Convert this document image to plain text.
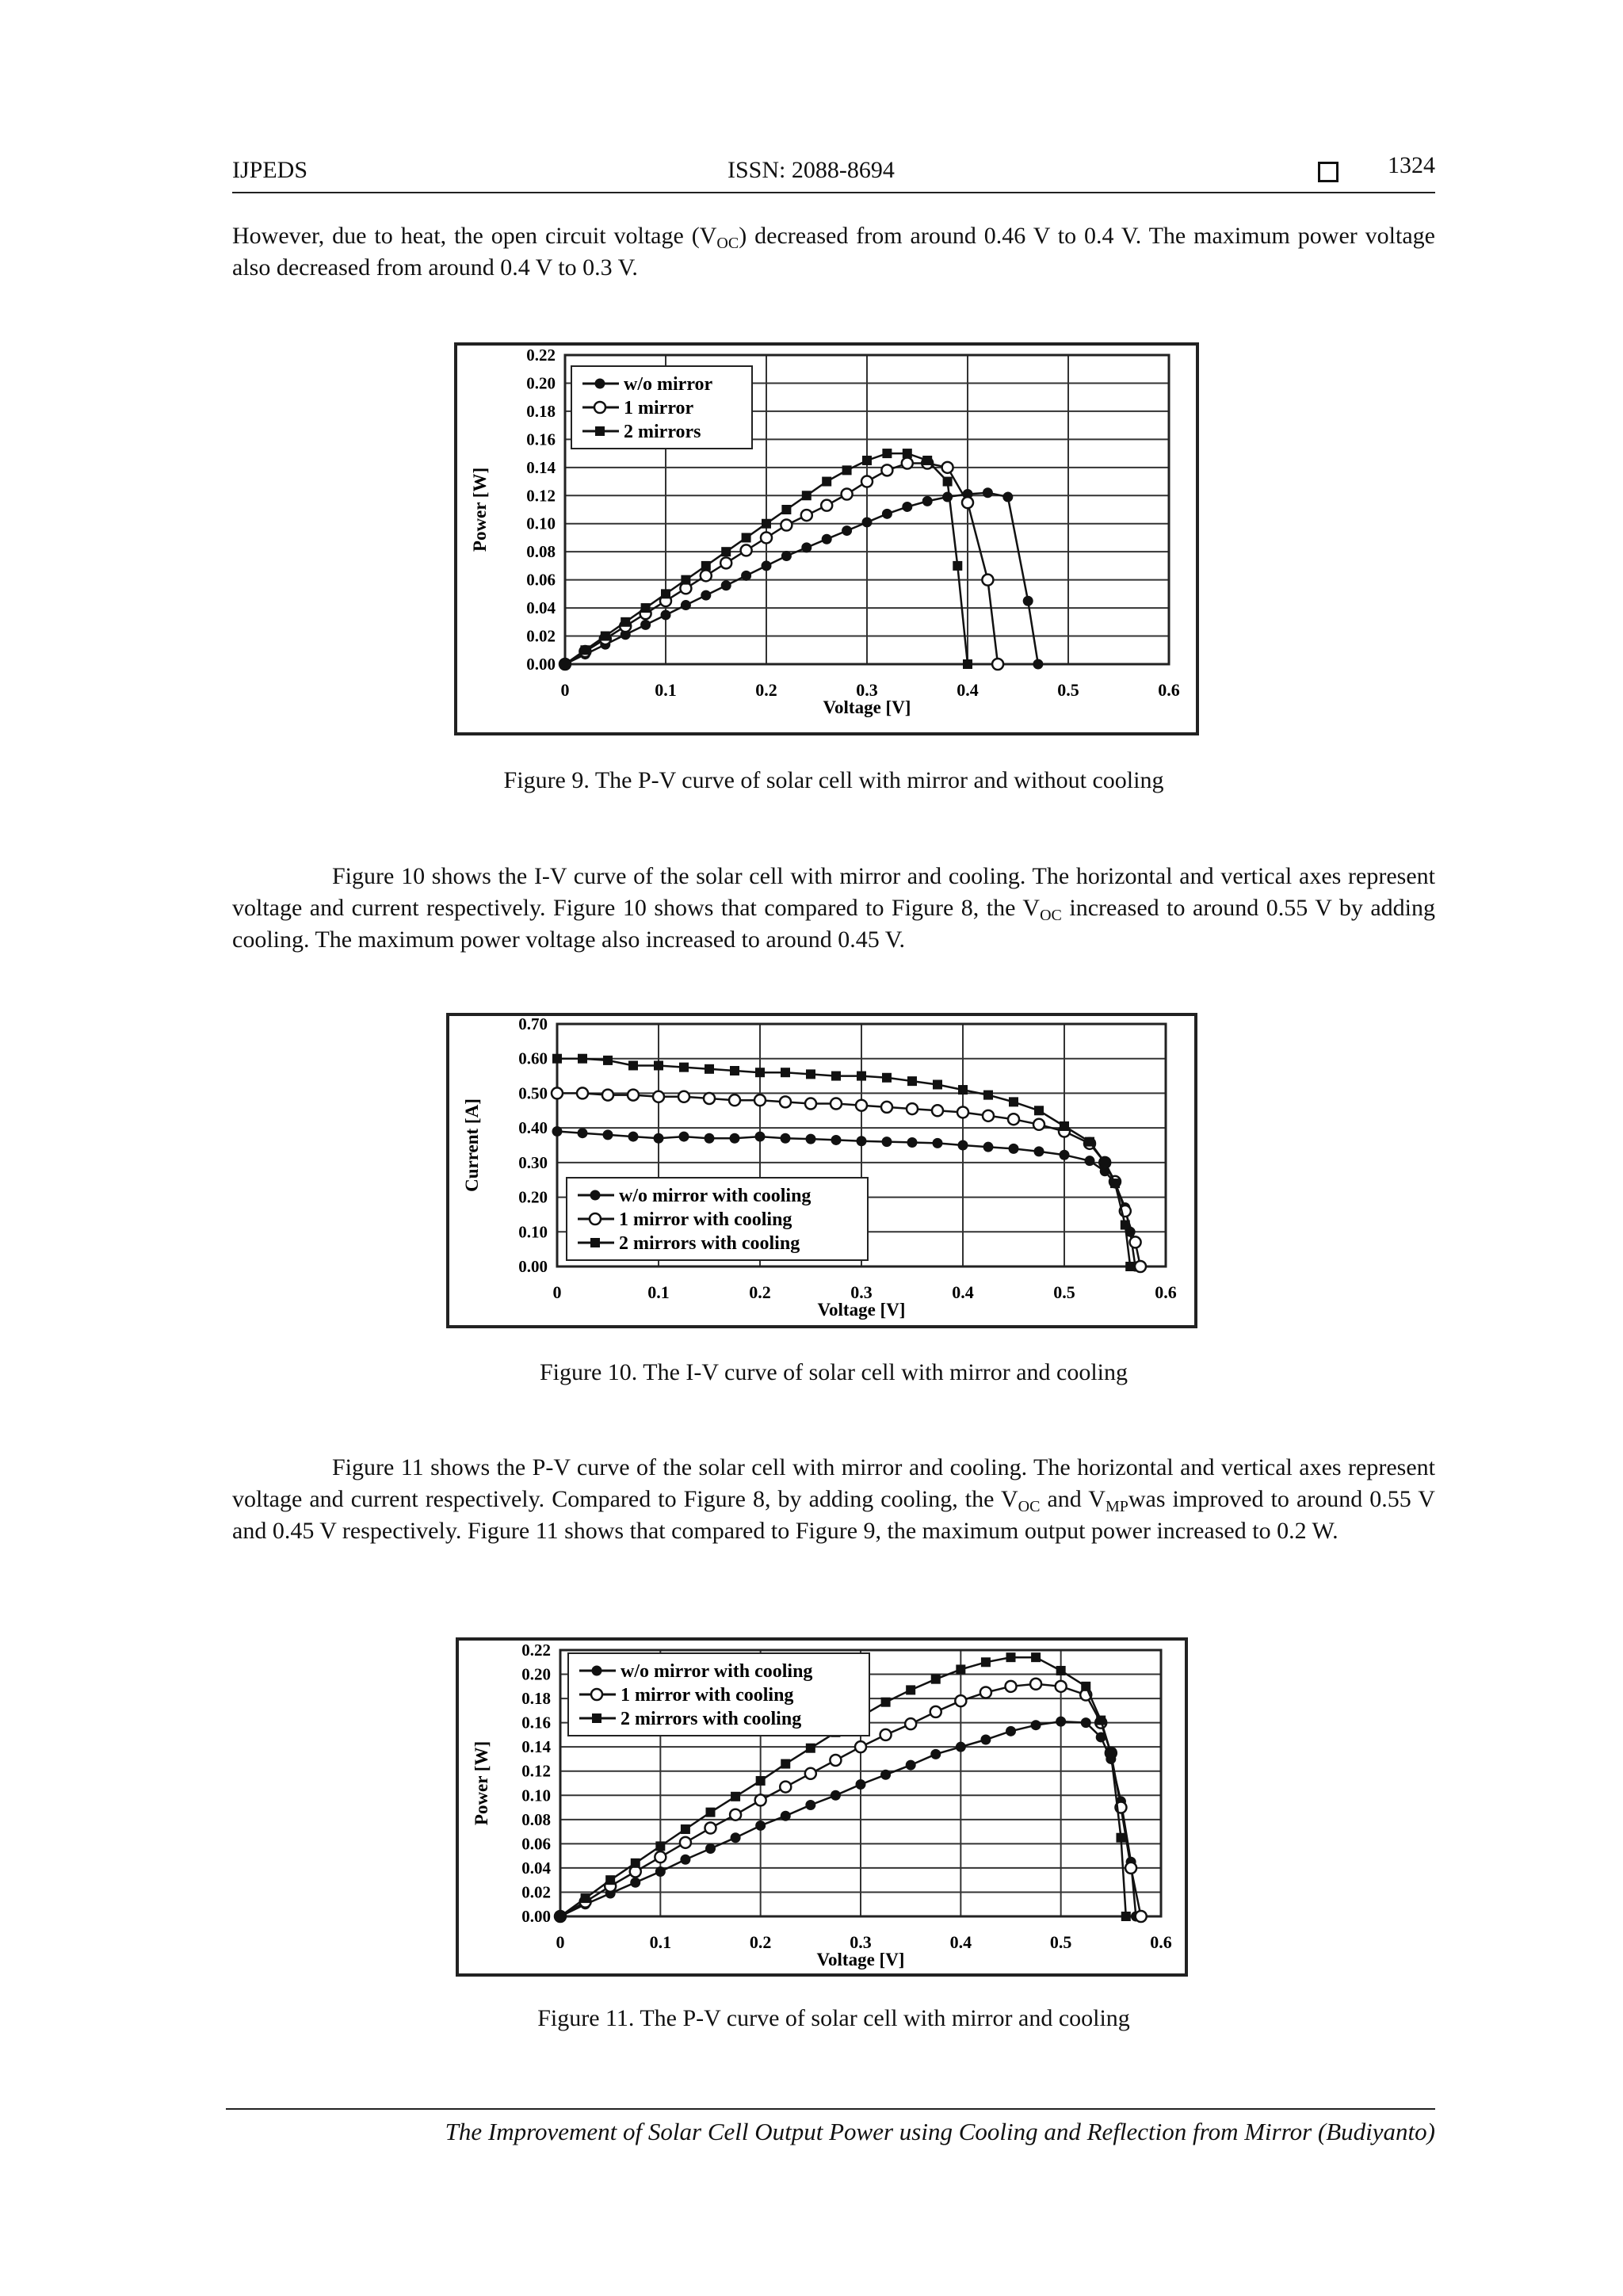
IJPEDS	ISSN: 2088-8694	1324

However, due to heat, the open circuit voltage $(V_{OC})$ decreased from around 0.46 V to 0.4 V. The maximum power voltage also decreased from around 0.4 V to 0.3 V.

0	0.1	0.2	0.3	0.4	0.5	0.6
0.00
0.02
0.04
0.06
0.08
0.10
0.12
0.14
0.16
0.18
0.20
0.22
Voltage [V]
Power [W]
w/o mirror
1 mirror
2 mirrors
Figure 9. The P-V curve of solar cell with mirror and without cooling

Figure 10 shows the I-V curve of the solar cell with mirror and cooling. The horizontal and vertical axes represent voltage and current respectively. Figure 10 shows that compared to Figure 8, the $V_{OC}$ increased to around 0.55 V by adding cooling. The maximum power voltage also increased to around 0.45 V.

0	0.1	0.2	0.3	0.4	0.5	0.6
0.00
0.10
0.20
0.30
0.40
0.50
0.60
0.70
Voltage [V]
Current [A]
w/o mirror with cooling
1 mirror with cooling
2 mirrors with cooling
Figure 10. The I-V curve of solar cell with mirror and cooling

Figure 11 shows the P-V curve of the solar cell with mirror and cooling. The horizontal and vertical axes represent voltage and current respectively. Compared to Figure 8, by adding cooling, the $V_{OC}$ and $V_{MP}was$ improved to around 0.55 V and 0.45 V respectively. Figure 11 shows that compared to Figure 9, the maximum output power increased to 0.2 W.

0	0.1	0.2	0.3	0.4	0.5	0.6
0.00
0.02
0.04
0.06
0.08
0.10
0.12
0.14
0.16
0.18
0.20
0.22
Voltage [V]
Power [W]
w/o mirror with cooling
1 mirror with cooling
2 mirrors with cooling
Figure 11. The P-V curve of solar cell with mirror and cooling
The Improvement of Solar Cell Output Power using Cooling and Reflection from Mirror (Budiyanto)
